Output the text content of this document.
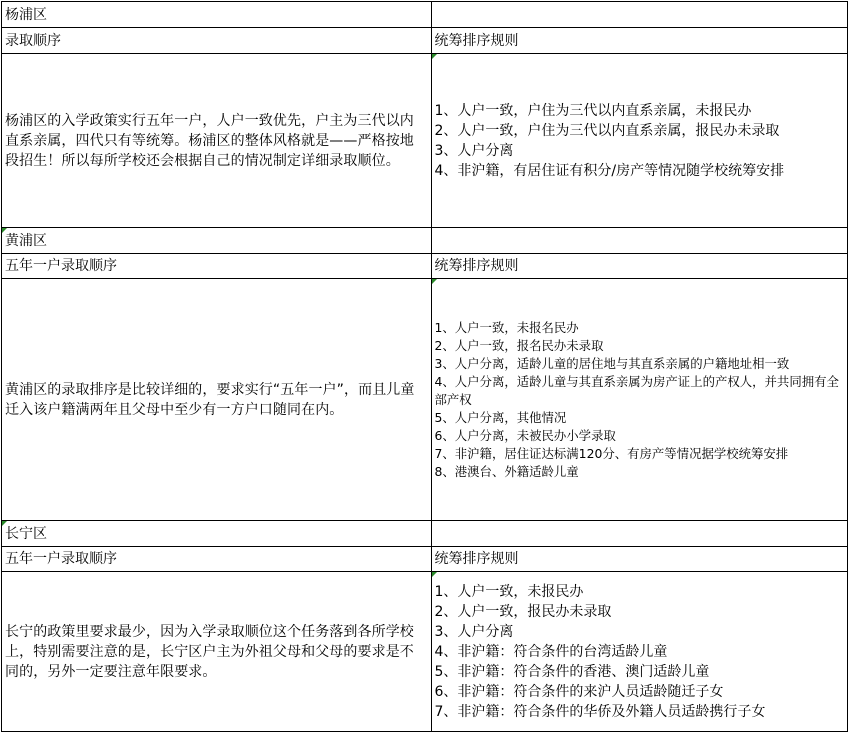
杨浦区
录取顺序	统筹排序规则
杨浦区的入学政策实行五年一户，人户一致优先，户主为三代以内直系亲属，四代只有等统筹。杨浦区的整体风格就是——严格按地段招生！所以每所学校还会根据自己的情况制定详细录取顺位。
1、人户一致，户住为三代以内直系亲属，未报民办
2、人户一致，户住为三代以内直系亲属，报民办未录取
3、人户分离
4、非沪籍，有居住证有积分/房产等情况随学校统筹安排
黄浦区
五年一户录取顺序	统筹排序规则
黄浦区的录取排序是比较详细的，要求实行“五年一户”，而且儿童迁入该户籍满两年且父母中至少有一方户口随同在内。
1、人户一致，未报名民办
2、人户一致，报名民办未录取
3、人户分离，适龄儿童的居住地与其直系亲属的户籍地址相一致
4、人户分离，适龄儿童与其直系亲属为房产证上的产权人，并共同拥有全部产权
5、人户分离，其他情况
6、人户分离，未被民办小学录取
7、非沪籍，居住证达标满120分、有房产等情况据学校统筹安排
8、港澳台、外籍适龄儿童
长宁区
五年一户录取顺序	统筹排序规则
长宁的政策里要求最少，因为入学录取顺位这个任务落到各所学校上，特别需要注意的是，长宁区户主为外祖父母和父母的要求是不同的，另外一定要注意年限要求。
1、人户一致，未报民办
2、人户一致，报民办未录取
3、人户分离
4、非沪籍：符合条件的台湾适龄儿童
5、非沪籍：符合条件的香港、澳门适龄儿童
6、非沪籍：符合条件的来沪人员适龄随迁子女
7、非沪籍：符合条件的华侨及外籍人员适龄携行子女
